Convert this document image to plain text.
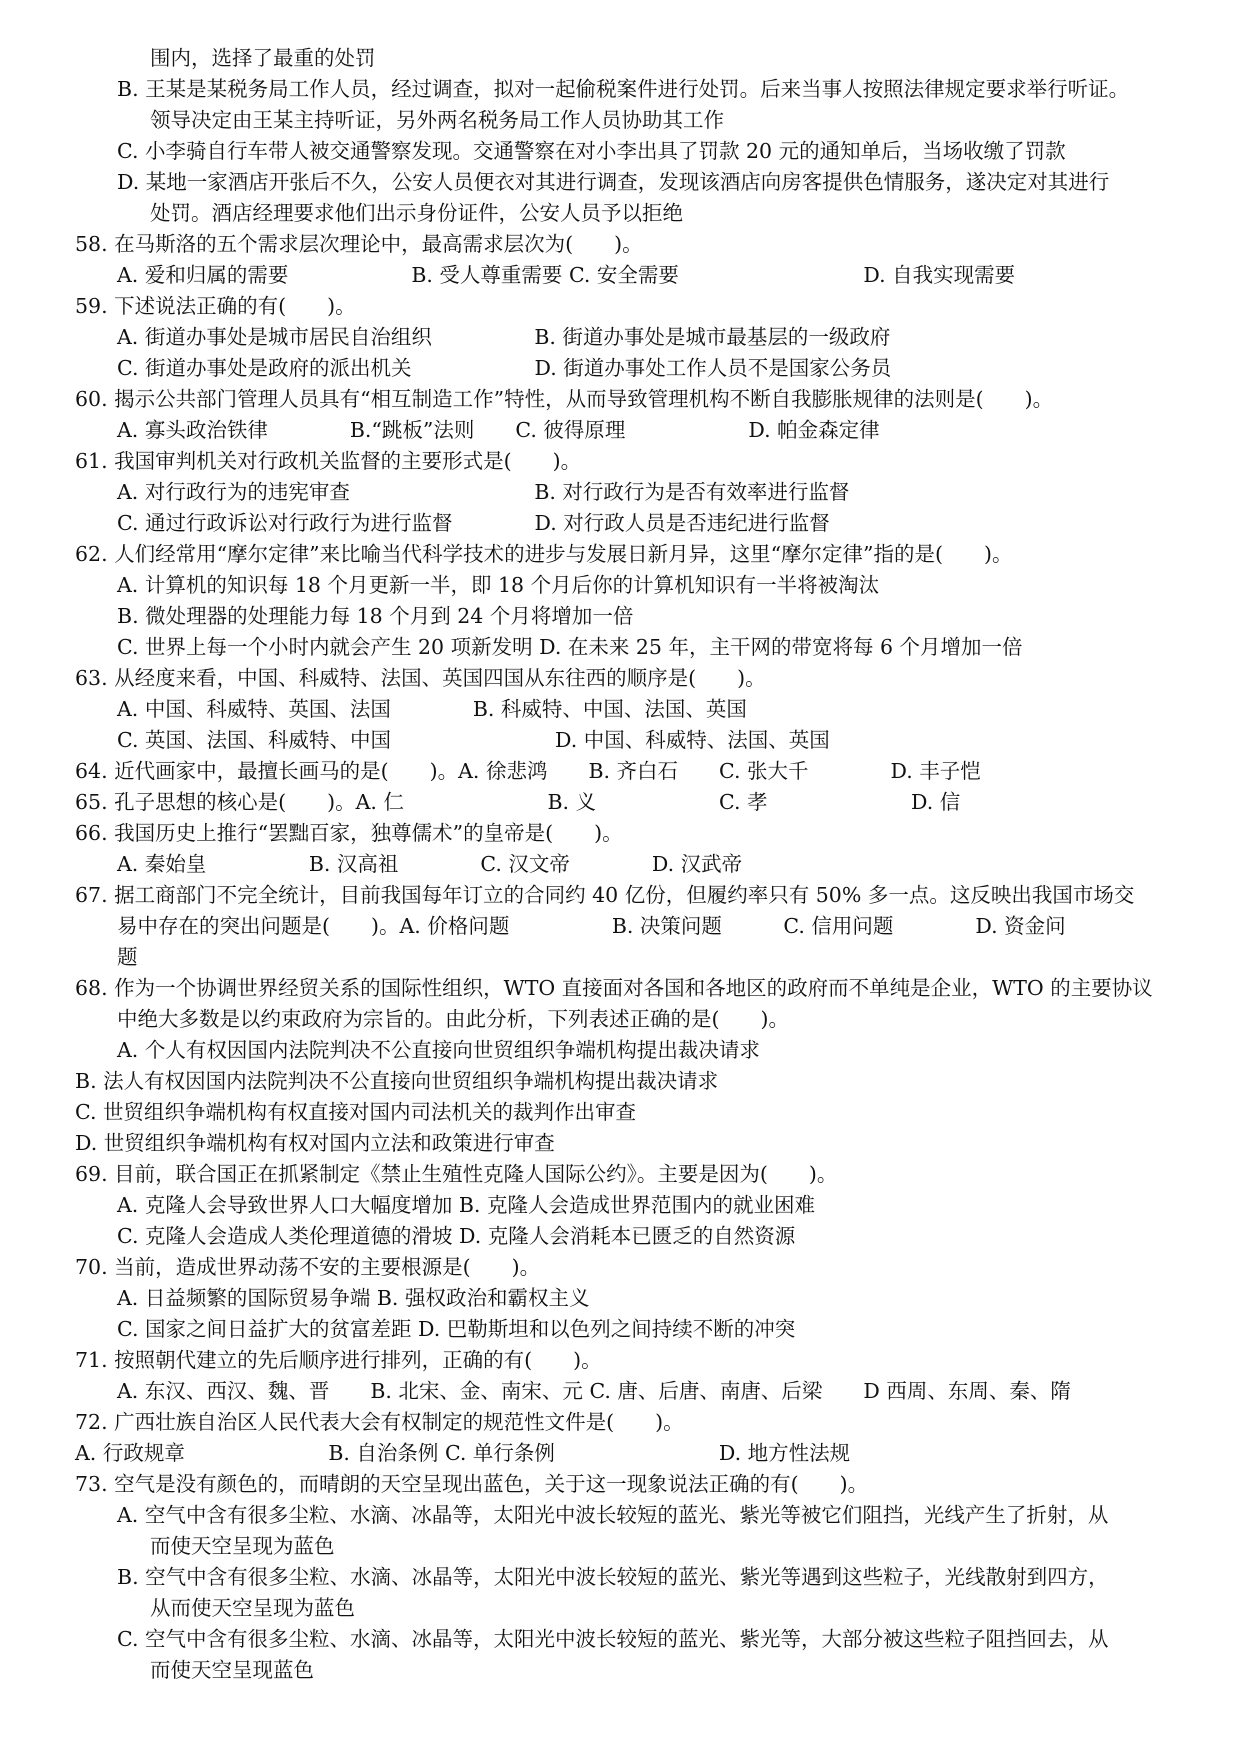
围内，选择了最重的处罚
B. 王某是某税务局工作人员，经过调查，拟对一起偷税案件进行处罚。后来当事人按照法律规定要求举行听证。
领导决定由王某主持听证，另外两名税务局工作人员协助其工作
C. 小李骑自行车带人被交通警察发现。交通警察在对小李出具了罚款 20 元的通知单后，当场收缴了罚款
D. 某地一家酒店开张后不久，公安人员便衣对其进行调查，发现该酒店向房客提供色情服务，遂决定对其进行
处罚。酒店经理要求他们出示身份证件，公安人员予以拒绝
58. 在马斯洛的五个需求层次理论中，最高需求层次为(　　)。
A. 爱和归属的需要　　　　　　B. 受人尊重需要 C. 安全需要　　　　　　　　　D. 自我实现需要
59. 下述说法正确的有(　　)。
A. 街道办事处是城市居民自治组织　　　　　B. 街道办事处是城市最基层的一级政府
C. 街道办事处是政府的派出机关　　　　　　D. 街道办事处工作人员不是国家公务员
60. 揭示公共部门管理人员具有“相互制造工作”特性，从而导致管理机构不断自我膨胀规律的法则是(　　)。
A. 寡头政治铁律　　　　B.“跳板”法则　　C. 彼得原理　　　　　　D. 帕金森定律
61. 我国审判机关对行政机关监督的主要形式是(　　)。
A. 对行政行为的违宪审查　　　　　　　　　B. 对行政行为是否有效率进行监督
C. 通过行政诉讼对行政行为进行监督　　　　D. 对行政人员是否违纪进行监督
62. 人们经常用“摩尔定律”来比喻当代科学技术的进步与发展日新月异，这里“摩尔定律”指的是(　　)。
A. 计算机的知识每 18 个月更新一半，即 18 个月后你的计算机知识有一半将被淘汰
B. 微处理器的处理能力每 18 个月到 24 个月将增加一倍
C. 世界上每一个小时内就会产生 20 项新发明 D. 在未来 25 年，主干网的带宽将每 6 个月增加一倍
63. 从经度来看，中国、科威特、法国、英国四国从东往西的顺序是(　　)。
A. 中国、科威特、英国、法国　　　　B. 科威特、中国、法国、英国
C. 英国、法国、科威特、中国　　　　　　　　D. 中国、科威特、法国、英国
64. 近代画家中，最擅长画马的是(　　)。A. 徐悲鸿　　B. 齐白石　　C. 张大千　　　　D. 丰子恺
65. 孔子思想的核心是(　　)。A. 仁　　　　　　　B. 义　　　　　　C. 孝　　　　　　　D. 信
66. 我国历史上推行“罢黜百家，独尊儒术”的皇帝是(　　)。
A. 秦始皇　　　　　B. 汉高祖　　　　C. 汉文帝　　　　D. 汉武帝
67. 据工商部门不完全统计，目前我国每年订立的合同约 40 亿份，但履约率只有 50% 多一点。这反映出我国市场交
易中存在的突出问题是(　　)。A. 价格问题　　　　　B. 决策问题　　　C. 信用问题　　　　D. 资金问
题
68. 作为一个协调世界经贸关系的国际性组织，WTO 直接面对各国和各地区的政府而不单纯是企业，WTO 的主要协议
中绝大多数是以约束政府为宗旨的。由此分析，下列表述正确的是(　　)。
A. 个人有权因国内法院判决不公直接向世贸组织争端机构提出裁决请求
B. 法人有权因国内法院判决不公直接向世贸组织争端机构提出裁决请求
C. 世贸组织争端机构有权直接对国内司法机关的裁判作出审查
D. 世贸组织争端机构有权对国内立法和政策进行审查
69. 目前，联合国正在抓紧制定《禁止生殖性克隆人国际公约》。主要是因为(　　)。
A. 克隆人会导致世界人口大幅度增加 B. 克隆人会造成世界范围内的就业困难
C. 克隆人会造成人类伦理道德的滑坡 D. 克隆人会消耗本已匮乏的自然资源
70. 当前，造成世界动荡不安的主要根源是(　　)。
A. 日益频繁的国际贸易争端 B. 强权政治和霸权主义
C. 国家之间日益扩大的贫富差距 D. 巴勒斯坦和以色列之间持续不断的冲突
71. 按照朝代建立的先后顺序进行排列，正确的有(　　)。
A. 东汉、西汉、魏、晋　　B. 北宋、金、南宋、元 C. 唐、后唐、南唐、后梁　　D 西周、东周、秦、隋
72. 广西壮族自治区人民代表大会有权制定的规范性文件是(　　)。
A. 行政规章　　　　　　　B. 自治条例 C. 单行条例　　　　　　　　D. 地方性法规
73. 空气是没有颜色的，而晴朗的天空呈现出蓝色，关于这一现象说法正确的有(　　)。
A. 空气中含有很多尘粒、水滴、冰晶等，太阳光中波长较短的蓝光、紫光等被它们阻挡，光线产生了折射，从
而使天空呈现为蓝色
B. 空气中含有很多尘粒、水滴、冰晶等，太阳光中波长较短的蓝光、紫光等遇到这些粒子，光线散射到四方，
从而使天空呈现为蓝色
C. 空气中含有很多尘粒、水滴、冰晶等，太阳光中波长较短的蓝光、紫光等，大部分被这些粒子阻挡回去，从
而使天空呈现蓝色
